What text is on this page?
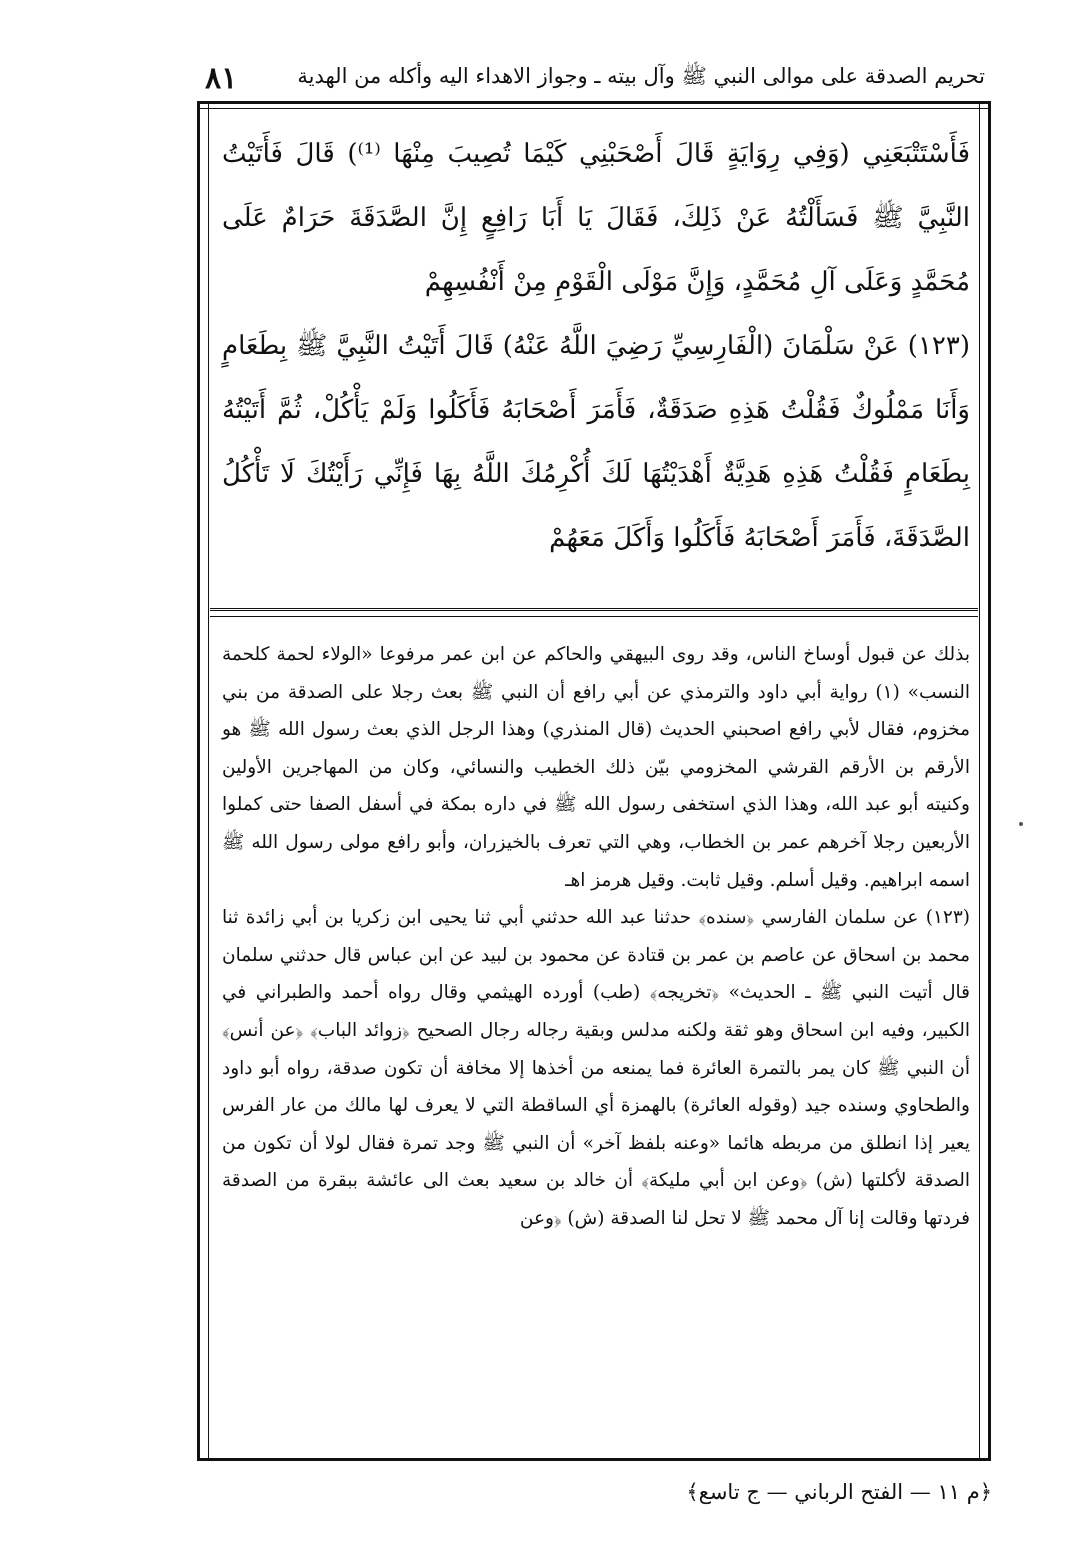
تحريم الصدقة على موالى النبي ﷺ وآل بيته ـ وجواز الاهداء اليه وأكله من الهدية
٨١

فَأَسْتَتْبَعَنِي (وَفِي رِوَايَةٍ قَالَ أَصْحَبْنِي كَيْمَا تُصِيبَ مِنْهَا ⁽¹⁾) قَالَ فَأَتَيْتُ النَّبِيَّ ﷺ فَسَأَلْتُهُ عَنْ ذَلِكَ، فَقَالَ يَا أَبَا رَافِعٍ إِنَّ الصَّدَقَةَ حَرَامٌ عَلَى مُحَمَّدٍ وَعَلَى آلِ مُحَمَّدٍ، وَإِنَّ مَوْلَى الْقَوْمِ مِنْ أَنْفُسِهِمْ

(١٢٣) عَنْ سَلْمَانَ (الْفَارِسِيِّ رَضِيَ اللَّهُ عَنْهُ) قَالَ أَتَيْتُ النَّبِيَّ ﷺ بِطَعَامٍ وَأَنَا مَمْلُوكٌ فَقُلْتُ هَذِهِ صَدَقَةٌ، فَأَمَرَ أَصْحَابَهُ فَأَكَلُوا وَلَمْ يَأْكُلْ، ثُمَّ أَتَيْتُهُ بِطَعَامٍ فَقُلْتُ هَذِهِ هَدِيَّةٌ أَهْدَيْتُهَا لَكَ أُكْرِمُكَ اللَّهُ بِهَا فَإِنِّي رَأَيْتُكَ لَا تَأْكُلُ الصَّدَقَةَ، فَأَمَرَ أَصْحَابَهُ فَأَكَلُوا وَأَكَلَ مَعَهُمْ

بذلك عن قبول أوساخ الناس، وقد روى البيهقي والحاكم عن ابن عمر مرفوعا «الولاء لحمة كلحمة النسب» (١) رواية أبي داود والترمذي عن أبي رافع أن النبي ﷺ بعث رجلا على الصدقة من بني مخزوم، فقال لأبي رافع اصحبني الحديث (قال المنذري) وهذا الرجل الذي بعث رسول الله ﷺ هو الأرقم بن الأرقم القرشي المخزومي بيّن ذلك الخطيب والنسائي، وكان من المهاجرين الأولين وكنيته أبو عبد الله، وهذا الذي استخفى رسول الله ﷺ في داره بمكة في أسفل الصفا حتى كملوا الأربعين رجلا آخرهم عمر بن الخطاب، وهي التي تعرف بالخيزران، وأبو رافع مولى رسول الله ﷺ اسمه ابراهيم. وقيل أسلم. وقيل ثابت. وقيل هرمز اهـ

(١٢٣) عن سلمان الفارسي ﴿سنده﴾ حدثنا عبد الله حدثني أبي ثنا يحيى ابن زكريا بن أبي زائدة ثنا محمد بن اسحاق عن عاصم بن عمر بن قتادة عن محمود بن لبيد عن ابن عباس قال حدثني سلمان قال أتيت النبي ﷺ ـ الحديث» ﴿تخريجه﴾ (طب) أورده الهيثمي وقال رواه أحمد والطبراني في الكبير، وفيه ابن اسحاق وهو ثقة ولكنه مدلس وبقية رجاله رجال الصحيح ﴿زوائد الباب﴾ ﴿عن أنس﴾ أن النبي ﷺ كان يمر بالتمرة العائرة فما يمنعه من أخذها إلا مخافة أن تكون صدقة، رواه أبو داود والطحاوي وسنده جيد (وقوله العائرة) بالهمزة أي الساقطة التي لا يعرف لها مالك من عار الفرس يعير إذا انطلق من مربطه هائما «وعنه بلفظ آخر» أن النبي ﷺ وجد تمرة فقال لولا أن تكون من الصدقة لأكلتها (ش) ﴿وعن ابن أبي مليكة﴾ أن خالد بن سعيد بعث الى عائشة ببقرة من الصدقة فردتها وقالت إنا آل محمد ﷺ لا تحل لنا الصدقة (ش) ﴿وعن

﴿م ١١ — الفتح الرباني — ج تاسع﴾
